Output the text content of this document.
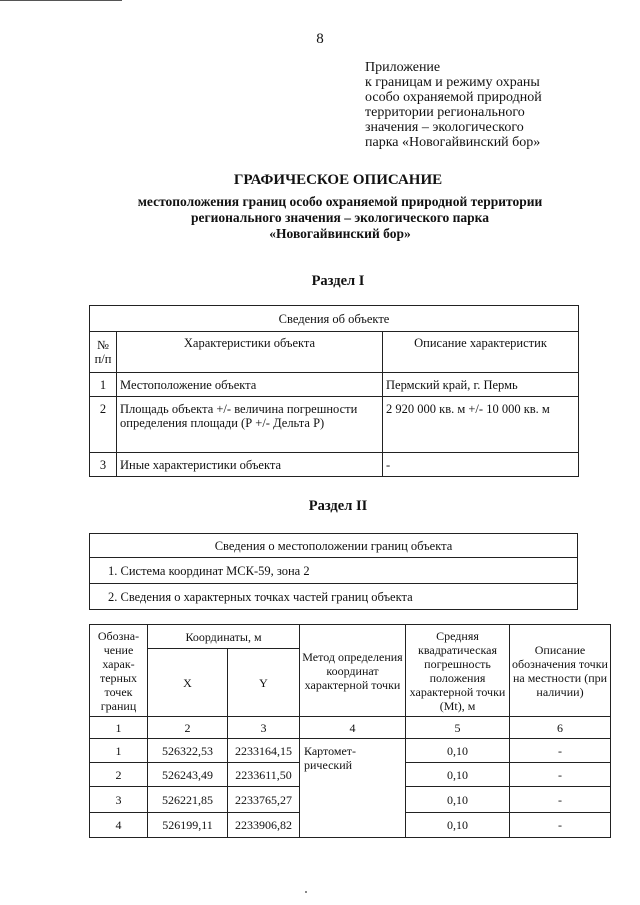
8
Приложение
к границам и режиму охраны
особо охраняемой природной
территории регионального
значения – экологического
парка «Новогайвинский бор»
ГРАФИЧЕСКОЕ ОПИСАНИЕ
местоположения границ особо охраняемой природной территории
регионального значения – экологического парка
«Новогайвинский бор»
Раздел I
Сведения об объекте		
№ п/п	Характеристики объекта	Описание характеристик
1	Местоположение объекта	Пермский край, г. Пермь
2	Площадь объекта +/- величина погрешности определения площади (Р +/- Дельта Р)	2 920 000 кв. м +/- 10 000 кв. м
3	Иные характеристики объекта	-
Раздел II
Сведения о местоположении границ объекта
1. Система координат МСК-59, зона 2
2. Сведения о характерных точках частей границ объекта
Обозна-чение харак-терных точек границ	Координаты, м		Метод определения координат характерной точки	Средняя квадратическая погрешность положения характерной точки (Mt), м	Описание обозначения точки на местности (при наличии)
	X	Y			
1	2	3	4	5	6
1	526322,53	2233164,15	Картомет-рический	0,10	-
2	526243,49	2233611,50		0,10	-
3	526221,85	2233765,27		0,10	-
4	526199,11	2233906,82		0,10	-
